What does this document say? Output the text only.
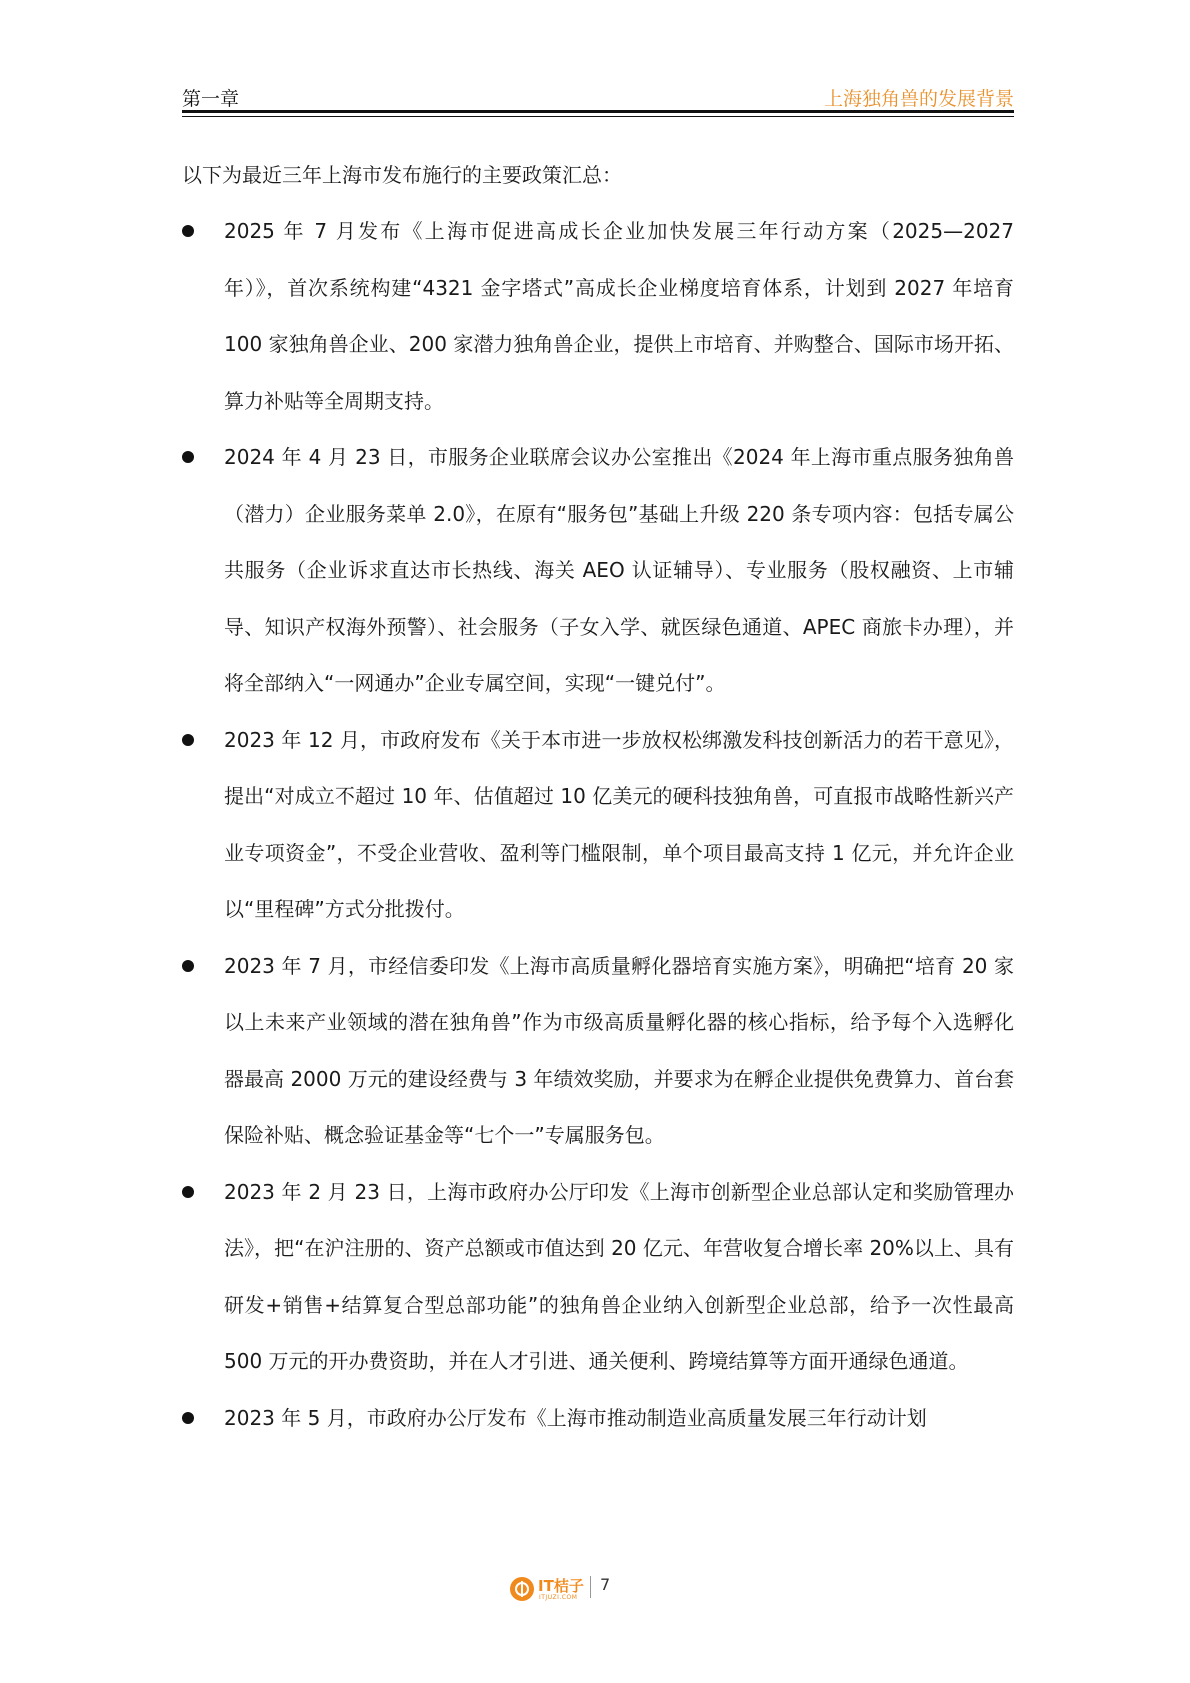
第一章	上海独角兽的发展背景

以下为最近三年上海市发布施行的主要政策汇总：

2025 年 7 月发布《上海市促进高成长企业加快发展三年行动方案（2025—2027 年）》，首次系统构建“4321 金字塔式”高成长企业梯度培育体系，计划到 2027 年培育 100 家独角兽企业、200 家潜力独角兽企业，提供上市培育、并购整合、国际市场开拓、算力补贴等全周期支持。
2024 年 4 月 23 日，市服务企业联席会议办公室推出《2024 年上海市重点服务独角兽（潜力）企业服务菜单 2.0》，在原有“服务包”基础上升级 220 条专项内容：包括专属公共服务（企业诉求直达市长热线、海关 AEO 认证辅导）、专业服务（股权融资、上市辅导、知识产权海外预警）、社会服务（子女入学、就医绿色通道、APEC 商旅卡办理），并将全部纳入“一网通办”企业专属空间，实现“一键兑付”。
2023 年 12 月，市政府发布《关于本市进一步放权松绑激发科技创新活力的若干意见》，提出“对成立不超过 10 年、估值超过 10 亿美元的硬科技独角兽，可直报市战略性新兴产业专项资金”，不受企业营收、盈利等门槛限制，单个项目最高支持 1 亿元，并允许企业以“里程碑”方式分批拨付。
2023 年 7 月，市经信委印发《上海市高质量孵化器培育实施方案》，明确把“培育 20 家以上未来产业领域的潜在独角兽”作为市级高质量孵化器的核心指标，给予每个入选孵化器最高 2000 万元的建设经费与 3 年绩效奖励，并要求为在孵企业提供免费算力、首台套保险补贴、概念验证基金等“七个一”专属服务包。
2023 年 2 月 23 日，上海市政府办公厅印发《上海市创新型企业总部认定和奖励管理办法》，把“在沪注册的、资产总额或市值达到 20 亿元、年营收复合增长率 20%以上、具有研发+销售+结算复合型总部功能”的独角兽企业纳入创新型企业总部，给予一次性最高 500 万元的开办费资助，并在人才引进、通关便利、跨境结算等方面开通绿色通道。
2023 年 5 月，市政府办公厅发布《上海市推动制造业高质量发展三年行动计划
IT桔子
ITJUZI.COM
7
